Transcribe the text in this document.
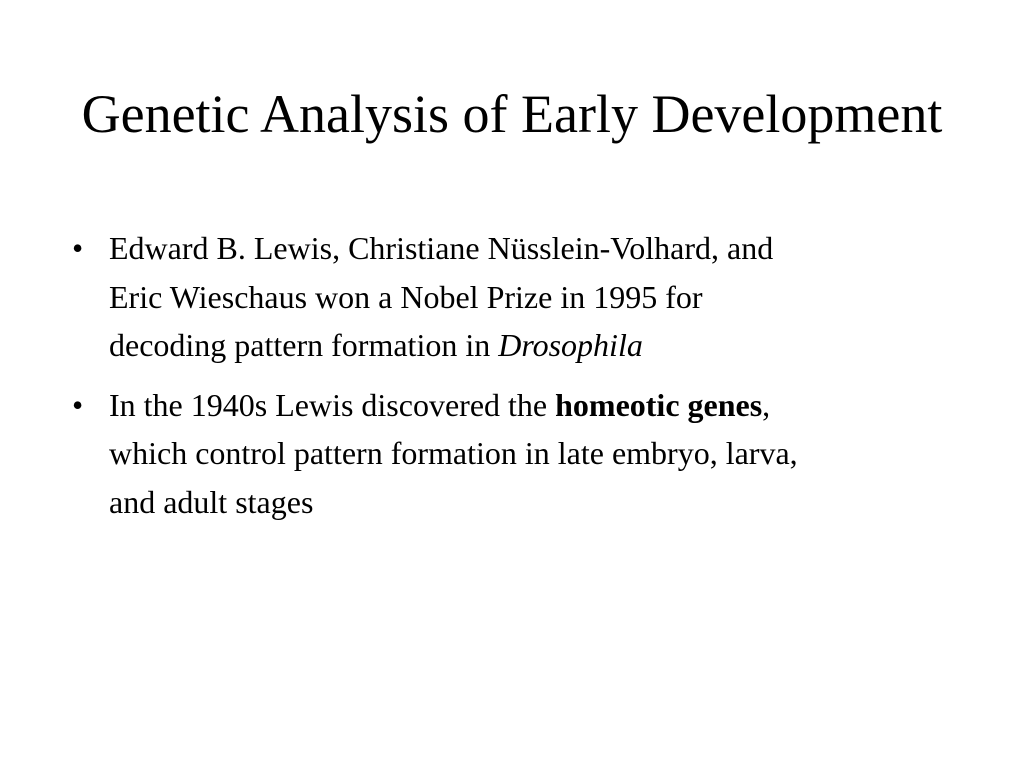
Genetic Analysis of Early Development
• Edward B. Lewis, Christiane Nüsslein-Volhard, and
Eric Wieschaus won a Nobel Prize in 1995 for
decoding pattern formation in Drosophila
• In the 1940s Lewis discovered the homeotic genes,
which control pattern formation in late embryo, larva,
and adult stages
